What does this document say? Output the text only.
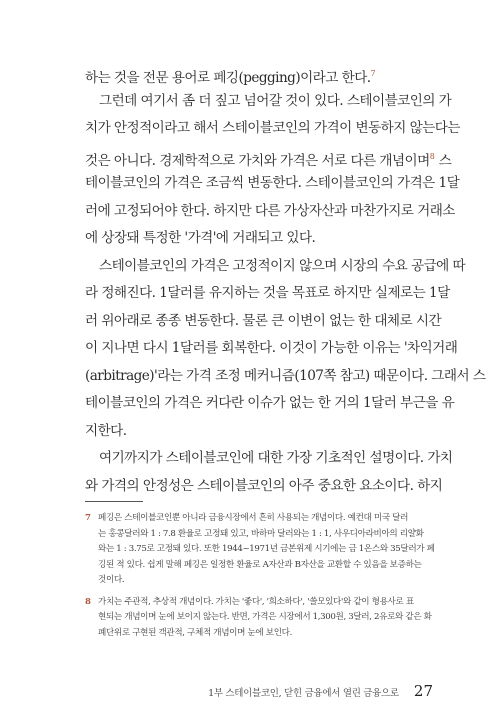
하는 것을 전문 용어로 페깅(pegging)이라고 한다.$^7$
그런데 여기서 좀 더 짚고 넘어갈 것이 있다. 스테이블코인의 가
치가 안정적이라고 해서 스테이블코인의 가격이 변동하지 않는다는
것은 아니다. 경제학적으로 가치와 가격은 서로 다른 개념이며$^8$ 스
테이블코인의 가격은 조금씩 변동한다. 스테이블코인의 가격은 1달
러에 고정되어야 한다. 하지만 다른 가상자산과 마찬가지로 거래소
에 상장돼 특정한 '가격'에 거래되고 있다.
스테이블코인의 가격은 고정적이지 않으며 시장의 수요 공급에 따
라 정해진다. 1달러를 유지하는 것을 목표로 하지만 실제로는 1달
러 위아래로 종종 변동한다. 물론 큰 이변이 없는 한 대체로 시간
이 지나면 다시 1달러를 회복한다. 이것이 가능한 이유는 '차익거래
(arbitrage)'라는 가격 조정 메커니즘(107쪽 참고) 때문이다. 그래서 스
테이블코인의 가격은 커다란 이슈가 없는 한 거의 1달러 부근을 유
지한다.
여기까지가 스테이블코인에 대한 가장 기초적인 설명이다. 가치
와 가격의 안정성은 스테이블코인의 아주 중요한 요소이다. 하지
7 페깅은 스테이블코인뿐 아니라 금융시장에서 흔히 사용되는 개념이다. 예컨대 미국 달러
는 홍콩달러와 1 : 7.8 환율로 고정돼 있고, 바하마 달러와는 1 : 1, 사우디아라비아의 리얄화
와는 1 : 3.75로 고정돼 있다. 또한 1944~1971년 금본위제 시기에는 금 1온스와 35달러가 페
깅된 적 있다. 쉽게 말해 페깅은 일정한 환율로 A자산과 B자산을 교환할 수 있음을 보증하는
것이다.
8 가치는 주관적, 추상적 개념이다. 가치는 '좋다', '희소하다', '쓸모있다'와 같이 형용사로 표
현되는 개념이며 눈에 보이지 않는다. 반면, 가격은 시장에서 1,300원, 3달러, 2유로와 같은 화
폐단위로 구현된 객관적, 구체적 개념이며 눈에 보인다.
1부 스테이블코인, 닫힌 금융에서 열린 금융으로 27
